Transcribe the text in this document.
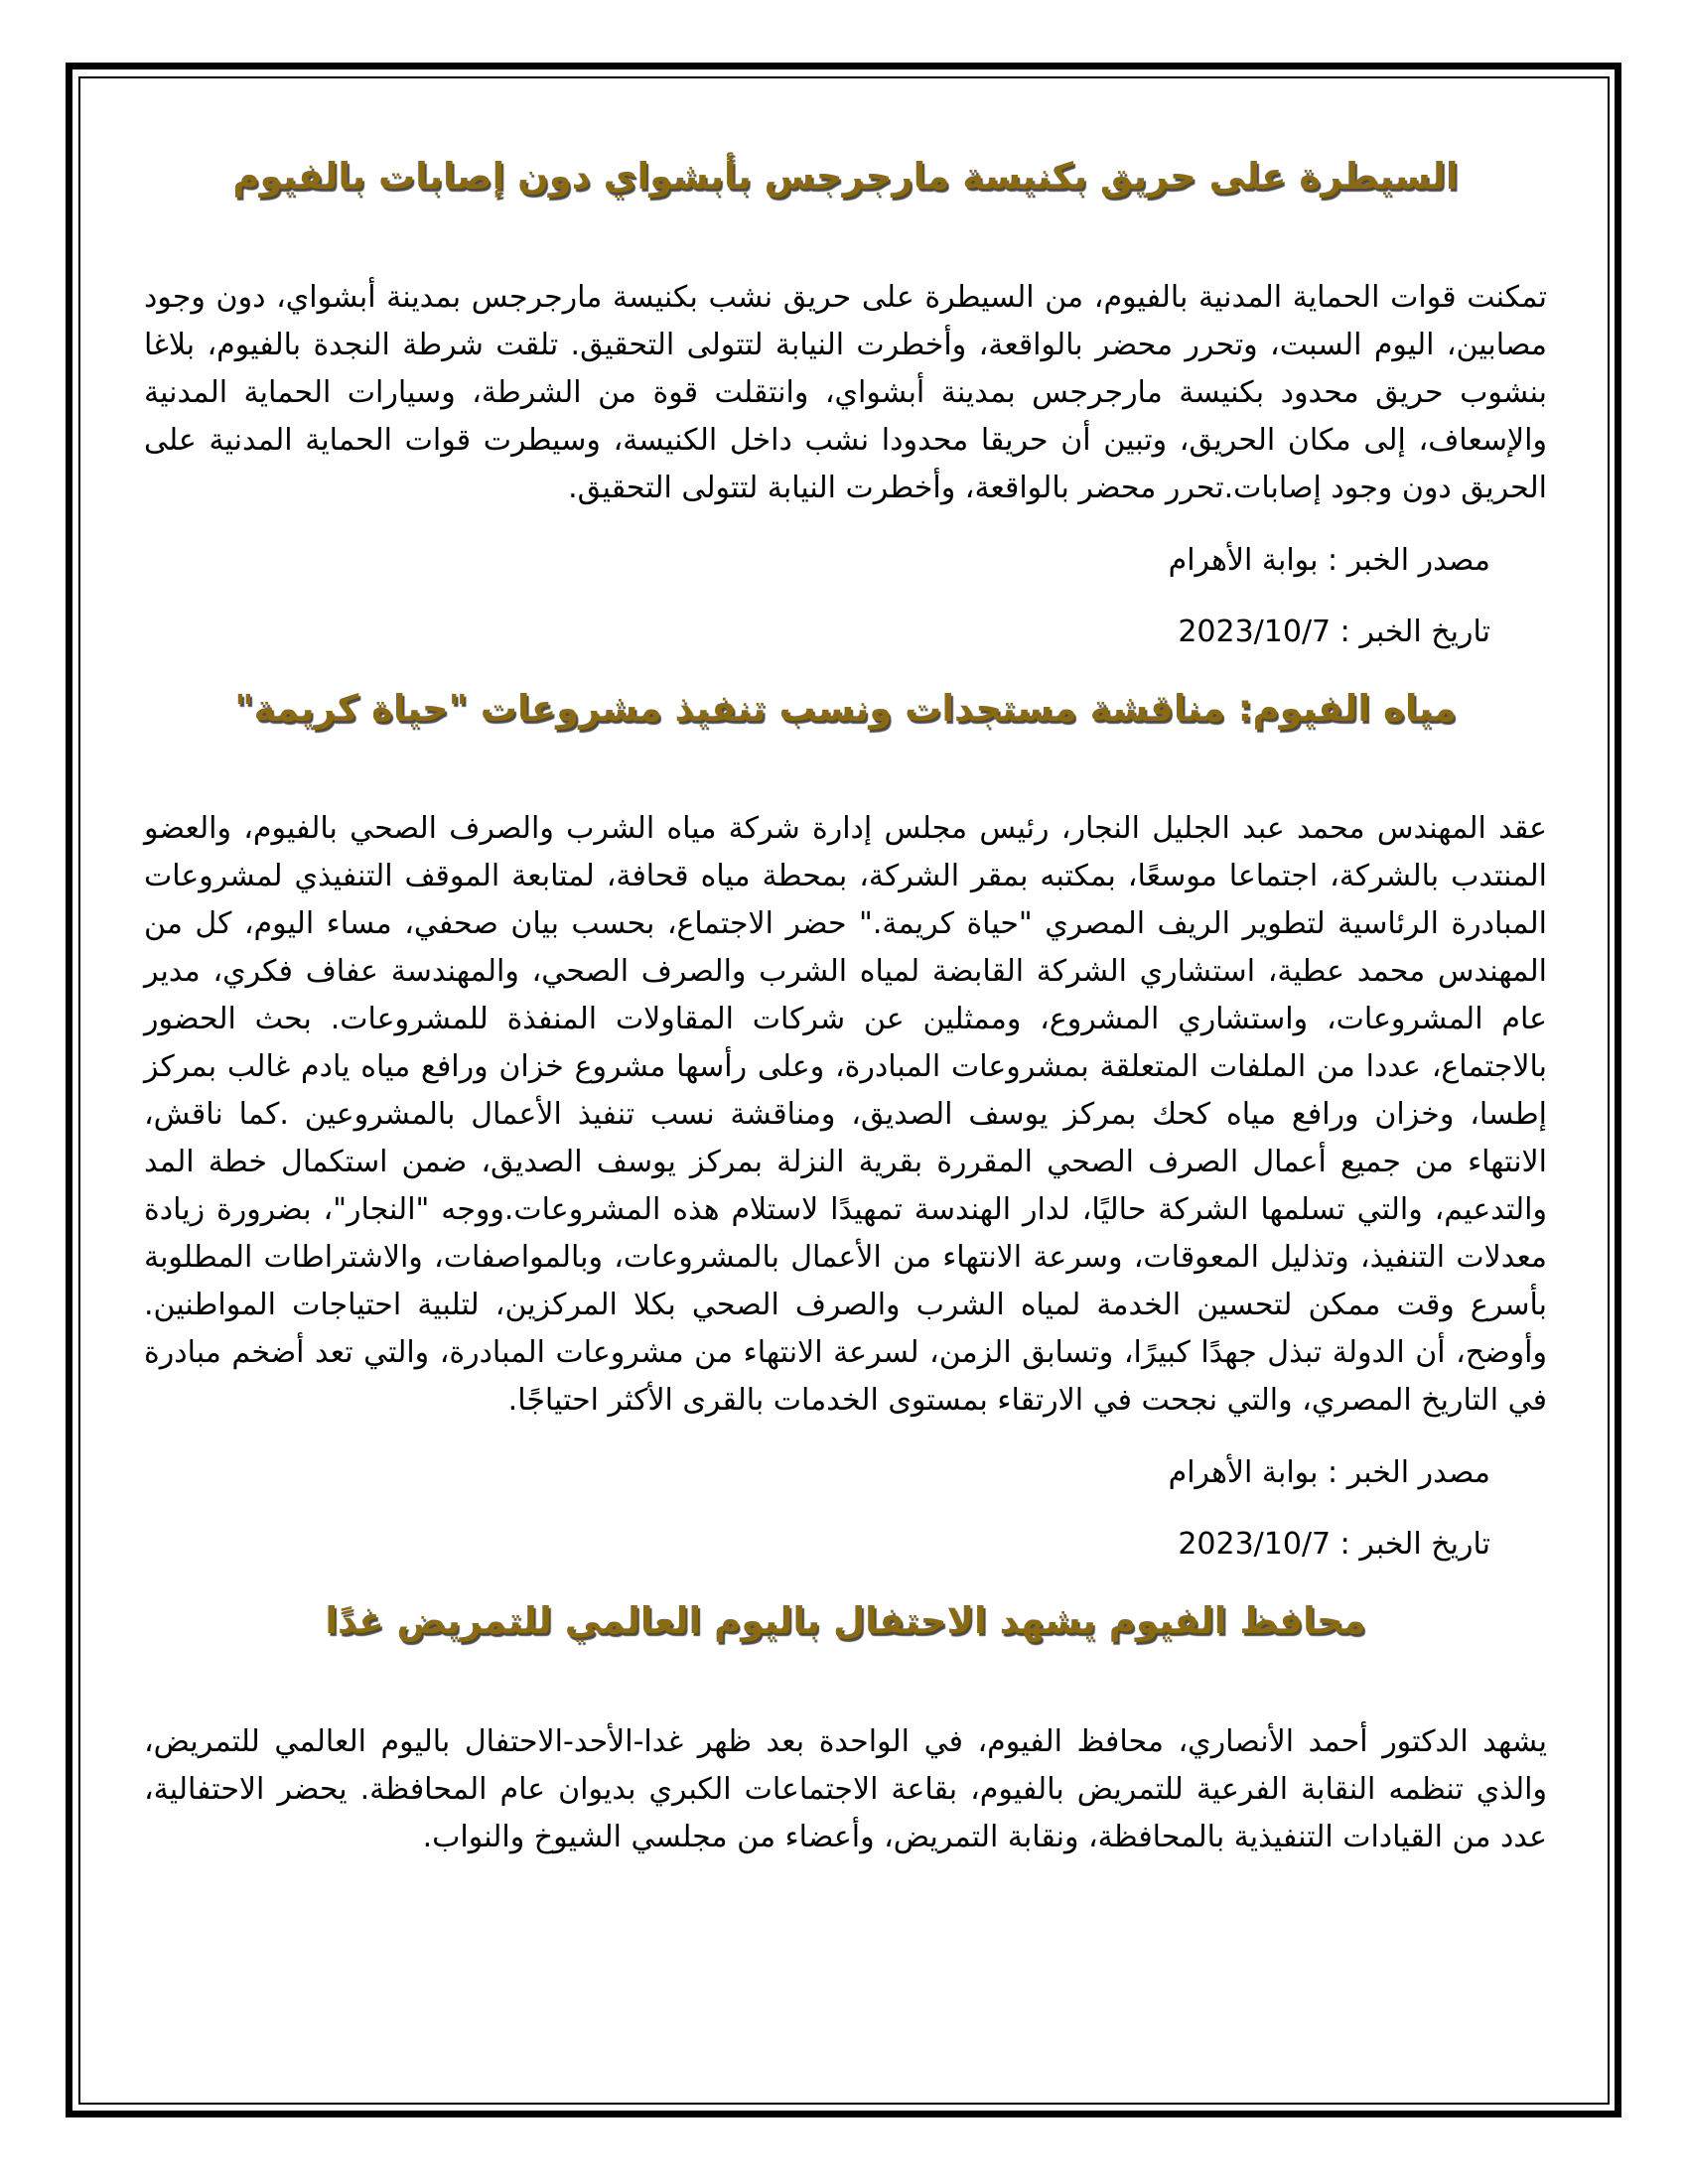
السيطرة على حريق بكنيسة مارجرجس بأبشواي دون إصابات بالفيوم

تمكنت قوات الحماية المدنية بالفيوم، من السيطرة على حريق نشب بكنيسة مارجرجس بمدينة أبشواي، دون وجود مصابين، اليوم السبت، وتحرر محضر بالواقعة، وأخطرت النيابة لتتولى التحقيق. تلقت شرطة النجدة بالفيوم، بلاغا بنشوب حريق محدود بكنيسة مارجرجس بمدينة أبشواي، وانتقلت قوة من الشرطة، وسيارات الحماية المدنية والإسعاف، إلى مكان الحريق، وتبين أن حريقا محدودا نشب داخل الكنيسة، وسيطرت قوات الحماية المدنية على الحريق دون وجود إصابات.تحرر محضر بالواقعة، وأخطرت النيابة لتتولى التحقيق.

مصدر الخبر : بوابة الأهرام
تاريخ الخبر : 2023/10/7
مياه الفيوم: مناقشة مستجدات ونسب تنفيذ مشروعات "حياة كريمة"

عقد المهندس محمد عبد الجليل النجار، رئيس مجلس إدارة شركة مياه الشرب والصرف الصحي بالفيوم، والعضو المنتدب بالشركة، اجتماعا موسعًا، بمكتبه بمقر الشركة، بمحطة مياه قحافة، لمتابعة الموقف التنفيذي لمشروعات المبادرة الرئاسية لتطوير الريف المصري "حياة كريمة." حضر الاجتماع، بحسب بيان صحفي، مساء اليوم، كل من المهندس محمد عطية، استشاري الشركة القابضة لمياه الشرب والصرف الصحي، والمهندسة عفاف فكري، مدير عام المشروعات، واستشاري المشروع، وممثلين عن شركات المقاولات المنفذة للمشروعات. بحث الحضور بالاجتماع، عددا من الملفات المتعلقة بمشروعات المبادرة، وعلى رأسها مشروع خزان ورافع مياه يادم غالب بمركز إطسا، وخزان ورافع مياه كحك بمركز يوسف الصديق، ومناقشة نسب تنفيذ الأعمال بالمشروعين .كما ناقش، الانتهاء من جميع أعمال الصرف الصحي المقررة بقرية النزلة بمركز يوسف الصديق، ضمن استكمال خطة المد والتدعيم، والتي تسلمها الشركة حاليًا، لدار الهندسة تمهيدًا لاستلام هذه المشروعات.ووجه "النجار"، بضرورة زيادة معدلات التنفيذ، وتذليل المعوقات، وسرعة الانتهاء من الأعمال بالمشروعات، وبالمواصفات، والاشتراطات المطلوبة بأسرع وقت ممكن لتحسين الخدمة لمياه الشرب والصرف الصحي بكلا المركزين، لتلبية احتياجات المواطنين. وأوضح، أن الدولة تبذل جهدًا كبيرًا، وتسابق الزمن، لسرعة الانتهاء من مشروعات المبادرة، والتي تعد أضخم مبادرة في التاريخ المصري، والتي نجحت في الارتقاء بمستوى الخدمات بالقرى الأكثر احتياجًا.

مصدر الخبر : بوابة الأهرام
تاريخ الخبر : 2023/10/7
محافظ الفيوم يشهد الاحتفال باليوم العالمي للتمريض غدًا

يشهد الدكتور أحمد الأنصاري، محافظ الفيوم، في الواحدة بعد ظهر غدا-الأحد-الاحتفال باليوم العالمي للتمريض، والذي تنظمه النقابة الفرعية للتمريض بالفيوم، بقاعة الاجتماعات الكبري بديوان عام المحافظة. يحضر الاحتفالية، عدد من القيادات التنفيذية بالمحافظة، ونقابة التمريض، وأعضاء من مجلسي الشيوخ والنواب.
